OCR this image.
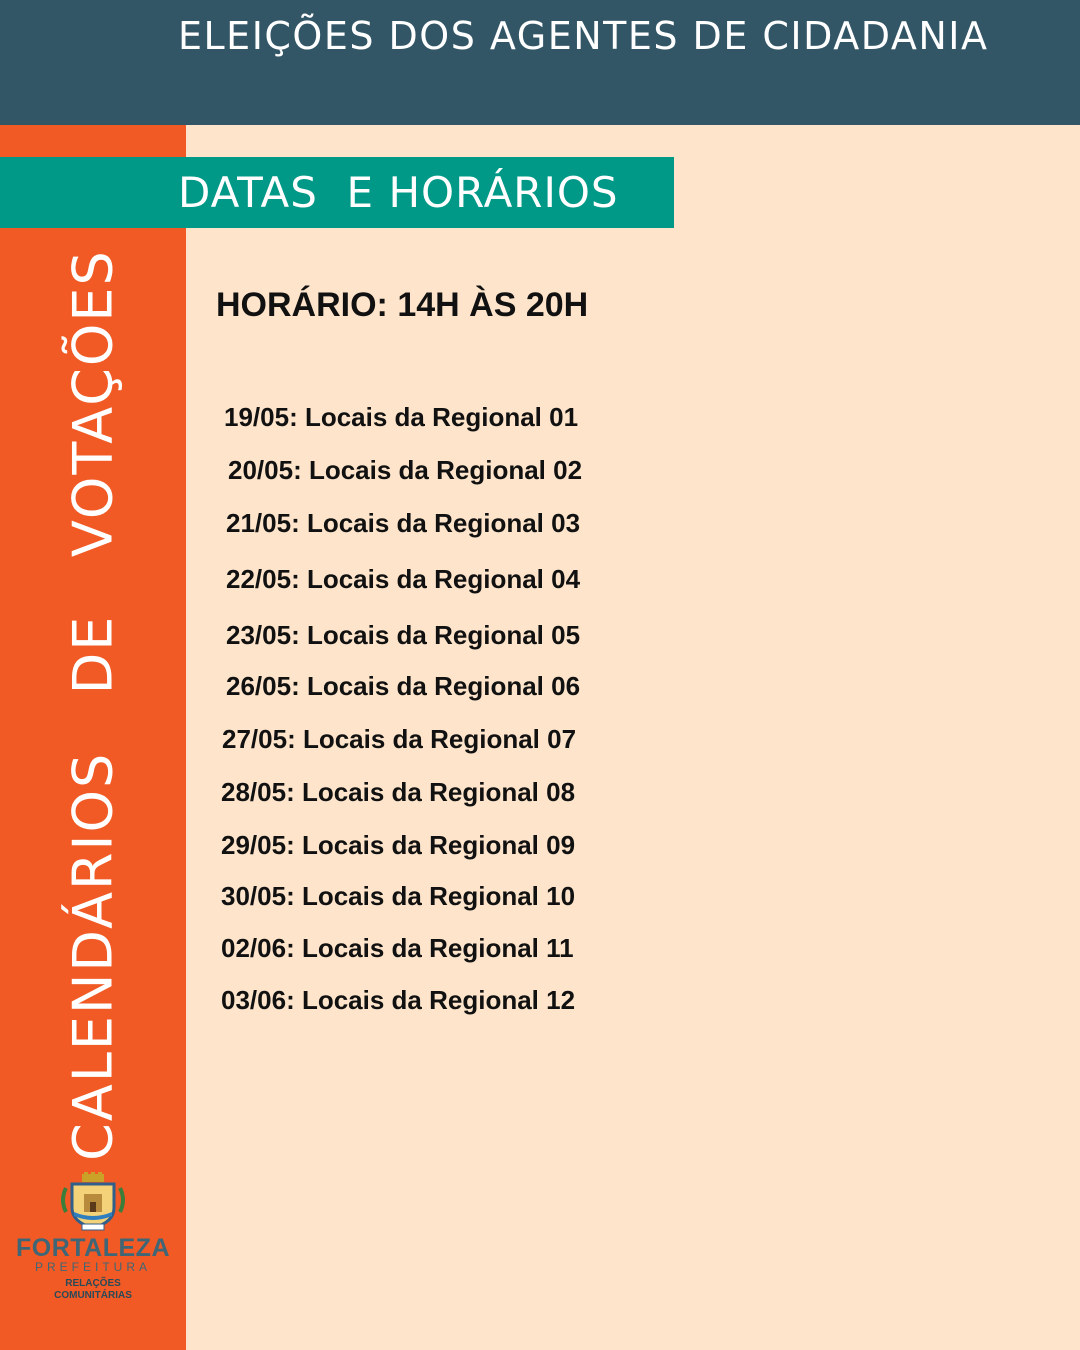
ELEIÇÕES DOS AGENTES DE CIDADANIA
CALENDÁRIOS   DE   VOTAÇÕES
DATAS  E HORÁRIOS
HORÁRIO: 14H ÀS 20H
19/05: Locais da Regional 01
20/05: Locais da Regional 02
21/05: Locais da Regional 03
22/05: Locais da Regional 04
23/05: Locais da Regional 05
26/05: Locais da Regional 06
27/05: Locais da Regional 07
28/05: Locais da Regional 08
29/05: Locais da Regional 09
30/05: Locais da Regional 10
02/06: Locais da Regional 11
03/06: Locais da Regional 12
FORTALEZA
PREFEITURA
RELAÇÕES
COMUNITÁRIAS
